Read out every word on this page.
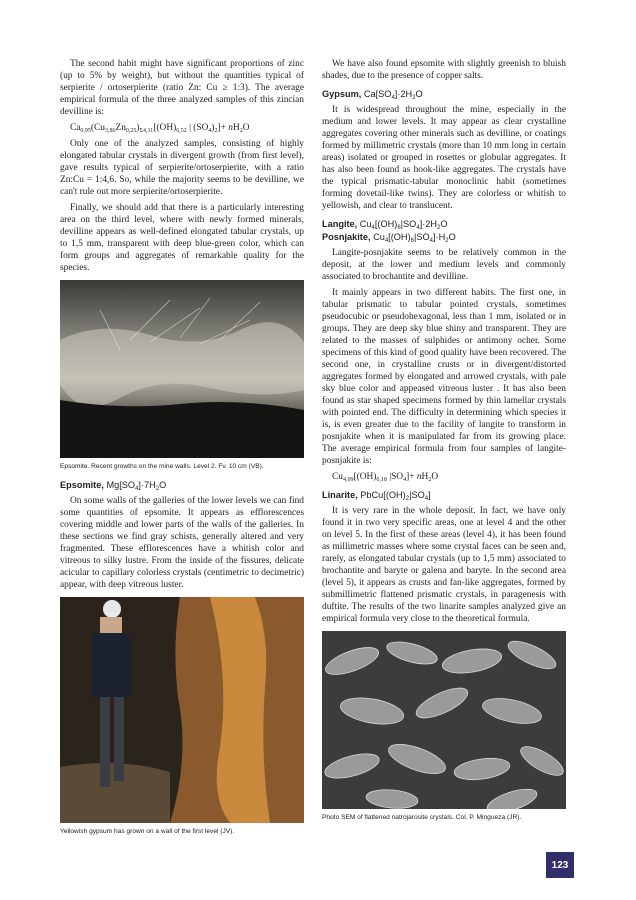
The second habit might have significant proportions of zinc (up to 5% by weight), but without the quantities typical of serpierite / ortoserpierite (ratio Zn: Cu ≥ 1:3). The average empirical formula of the three analyzed samples of this zincian devilline is:

$Ca_{0,95}(Cu_{3,86}Zn_{0,25})_{\Sigma 4,11}[(OH)_{6,52}$ | $(SO_4)_2]+ nH_2O$

Only one of the analyzed samples, consisting of highly elongated tabular crystals in divergent growth (from first level), gave results typical of serpierite/ortoserpierite, with a ratio Zn:Cu = 1:4,6. So, while the majority seems to be devilline, we can't rule out more serpierite/ortoserpierite.

Finally, we should add that there is a particularly interesting area on the third level, where with newly formed minerals, devilline appears as well-defined elongated tabular crystals, up to 1,5 mm, transparent with deep blue-green color, which can form groups and aggregates of remarkable quality for the species.

Epsomite. Recent growths on the mine walls. Level 2. Fv. 10 cm (VB).
Epsomite, $Mg[SO_4]\cdot 7H_2O$

On some walls of the galleries of the lower levels we can find some quantities of epsomite. It appears as efflorescences covering middle and lower parts of the walls of the galleries. In these sections we find gray schists, generally altered and very fragmented. These efflorescences have a whitish color and vitreous to silky lustre. From the inside of the fissures, delicate acicular to capillary colorless crystals (centimetric to decimetric) appear, with deep vitreous luster.

Yellowish gypsum has grown on a wall of the first level (JV).

We have also found epsomite with slightly greenish to bluish shades, due to the presence of copper salts.

Gypsum, $Ca[SO_4]\cdot 2H_2O$

It is widespread throughout the mine, especially in the medium and lower levels. It may appear as clear crystalline aggregates covering other minerals such as devilline, or coatings formed by millimetric crystals (more than 10 mm long in certain areas) isolated or grouped in rosettes or globular aggregates. It has also been found as hook-like aggregates. The crystals have the typical prismatic-tabular monoclinic habit (sometimes forming dovetail-like twins). They are colorless or whitish to yellowish, and clear to translucent.

Langite, $Cu_4[(OH)_6|SO_4]\cdot 2H_2O$
Posnjakite, $Cu_4[(OH)_6|SO_4]\cdot H_2O$

Langite-posnjakite seems to be relatively common in the deposit, at the lower and medium levels and commonly associated to brochantite and devilline.

It mainly appears in two different habits. The first one, in tabular prismatic to tabular pointed crystals, sometimes pseudocubic or pseudohexagonal, less than 1 mm, isolated or in groups. They are deep sky blue shiny and transparent. They are related to the masses of sulphides or antimony ocher. Some specimens of this kind of good quality have been recovered. The second one, in crystalline crusts or in divergent/distorted aggregates formed by elongated and arrowed crystals, with pale sky blue color and appeased vitreous luster . It has also been found as star shaped specimens formed by thin lamellar crystals with pointed end. The difficulty in determining which species it is, is even greater due to the facility of langite to transform in posnjakite when it is manipulated far from its growing place. The average empirical formula from four samples of langite-posnjakite is:

$Cu_{4,09}[(OH)_{6,18}$ $|SO_4]+ nH_2O$
Linarite, $PbCu[(OH)_2|SO_4]$

It is very rare in the whole deposit. In fact, we have only found it in two very specific areas, one at level 4 and the other on level 5. In the first of these areas (level 4), it has been found as millimetric masses where some crystal faces can be seen and, rarely, as elongated tabular crystals (up to 1,5 mm) associated to brochantite and baryte or galena and baryte. In the second area (level 5), it appears as crusts and fan-like aggregates, formed by submillimetric flattened prismatic crystals, in paragenesis with duftite. The results of the two linarite samples analyzed give an empirical formula very close to the theoretical formula.

Photo SEM of flattened natrojarosite crystals. Col. P. Mingueza (JR).
123
